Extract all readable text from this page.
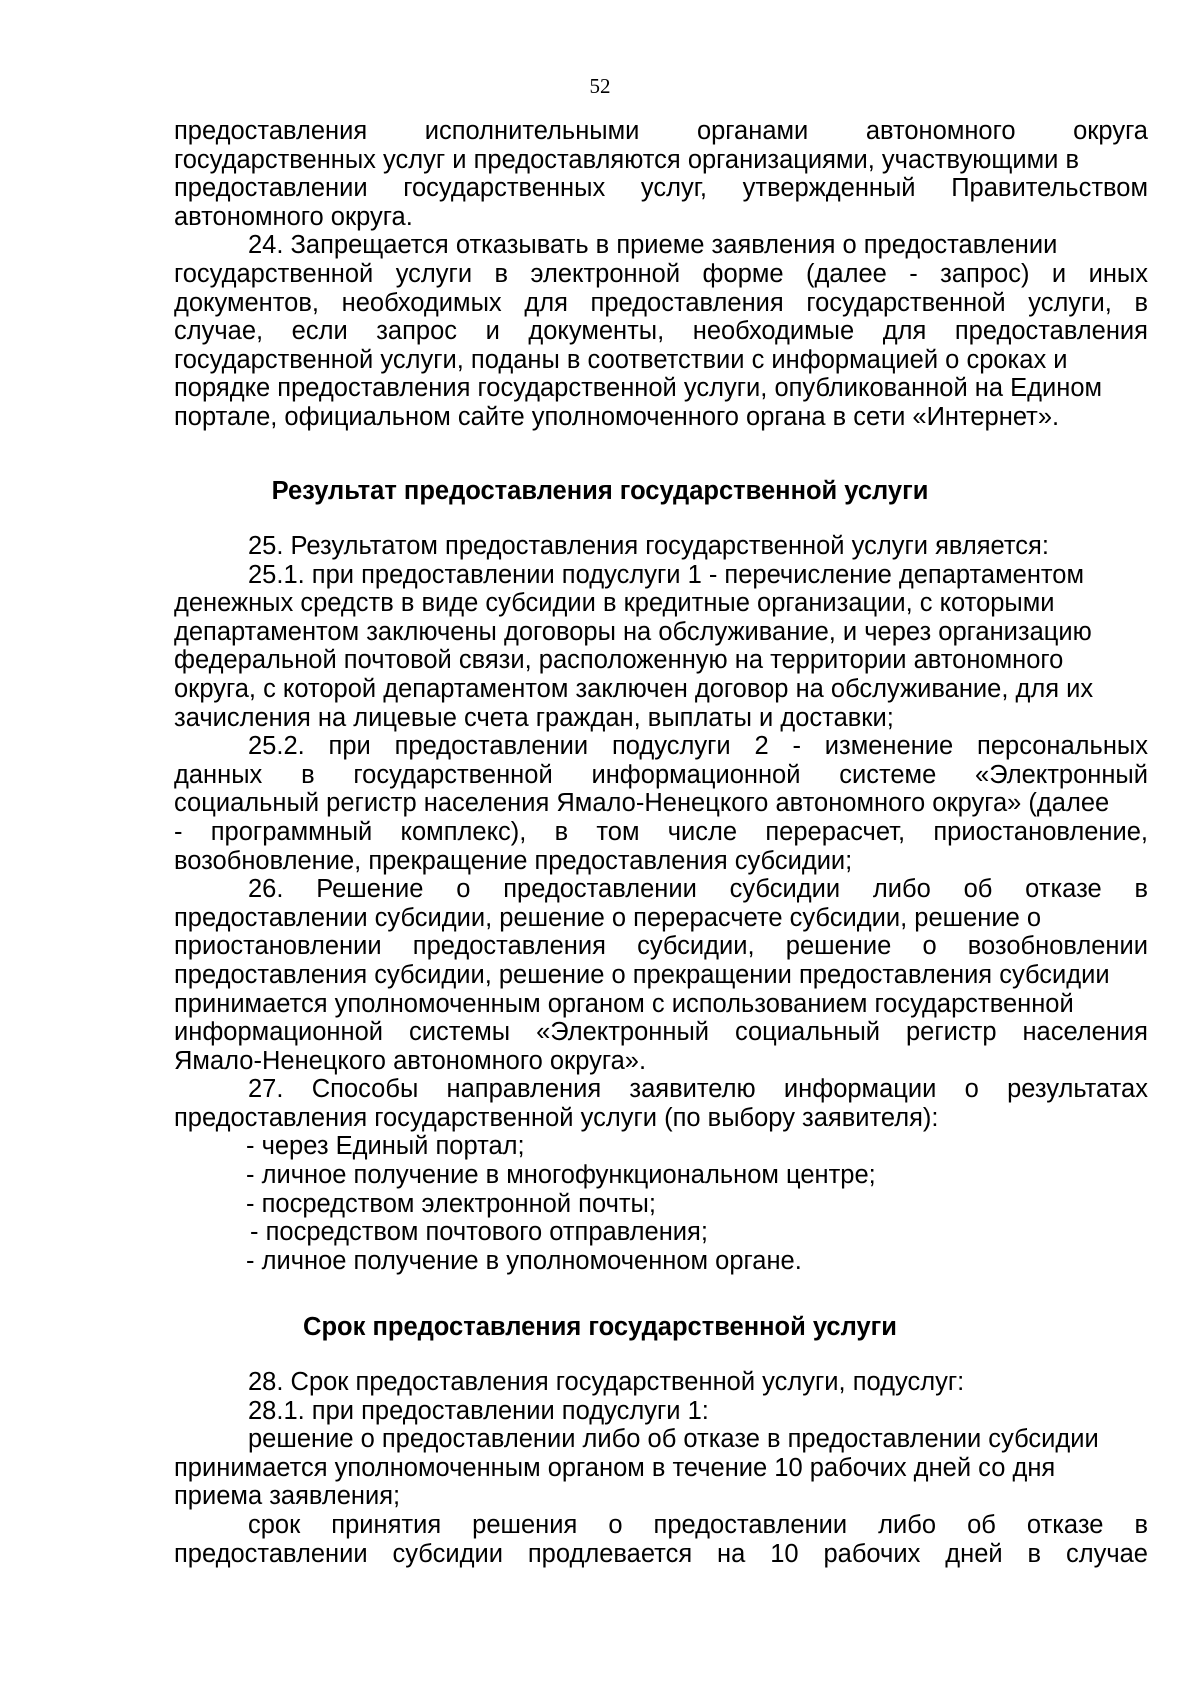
52
предоставления исполнительными органами автономного округа
государственных услуг и предоставляются организациями, участвующими в
предоставлении государственных услуг, утвержденный Правительством
автономного округа.
24. Запрещается отказывать в приеме заявления о предоставлении
государственной услуги в электронной форме (далее - запрос) и иных
документов, необходимых для предоставления государственной услуги, в
случае, если запрос и документы, необходимые для предоставления
государственной услуги, поданы в соответствии с информацией о сроках и
порядке предоставления государственной услуги, опубликованной на Едином
портале, официальном сайте уполномоченного органа в сети «Интернет».
Результат предоставления государственной услуги
25. Результатом предоставления государственной услуги является:
25.1. при предоставлении подуслуги 1 - перечисление департаментом
денежных средств в виде субсидии в кредитные организации, с которыми
департаментом заключены договоры на обслуживание, и через организацию
федеральной почтовой связи, расположенную на территории автономного
округа, с которой департаментом заключен договор на обслуживание, для их
зачисления на лицевые счета граждан, выплаты и доставки;
25.2. при предоставлении подуслуги 2 - изменение персональных
данных в государственной информационной системе «Электронный
социальный регистр населения Ямало-Ненецкого автономного округа» (далее
- программный комплекс), в том числе перерасчет, приостановление,
возобновление, прекращение предоставления субсидии;
26. Решение о предоставлении субсидии либо об отказе в
предоставлении субсидии, решение о перерасчете субсидии, решение о
приостановлении предоставления субсидии, решение о возобновлении
предоставления субсидии, решение о прекращении предоставления субсидии
принимается уполномоченным органом с использованием государственной
информационной системы «Электронный социальный регистр населения
Ямало-Ненецкого автономного округа».
27. Способы направления заявителю информации о результатах
предоставления государственной услуги (по выбору заявителя):
- через Единый портал;
- личное получение в многофункциональном центре;
- посредством электронной почты;
- посредством почтового отправления;
- личное получение в уполномоченном органе.
Срок предоставления государственной услуги
28. Срок предоставления государственной услуги, подуслуг:
28.1. при предоставлении подуслуги 1:
решение о предоставлении либо об отказе в предоставлении субсидии
принимается уполномоченным органом в течение 10 рабочих дней со дня
приема заявления;
срок принятия решения о предоставлении либо об отказе в
предоставлении субсидии продлевается на 10 рабочих дней в случае
